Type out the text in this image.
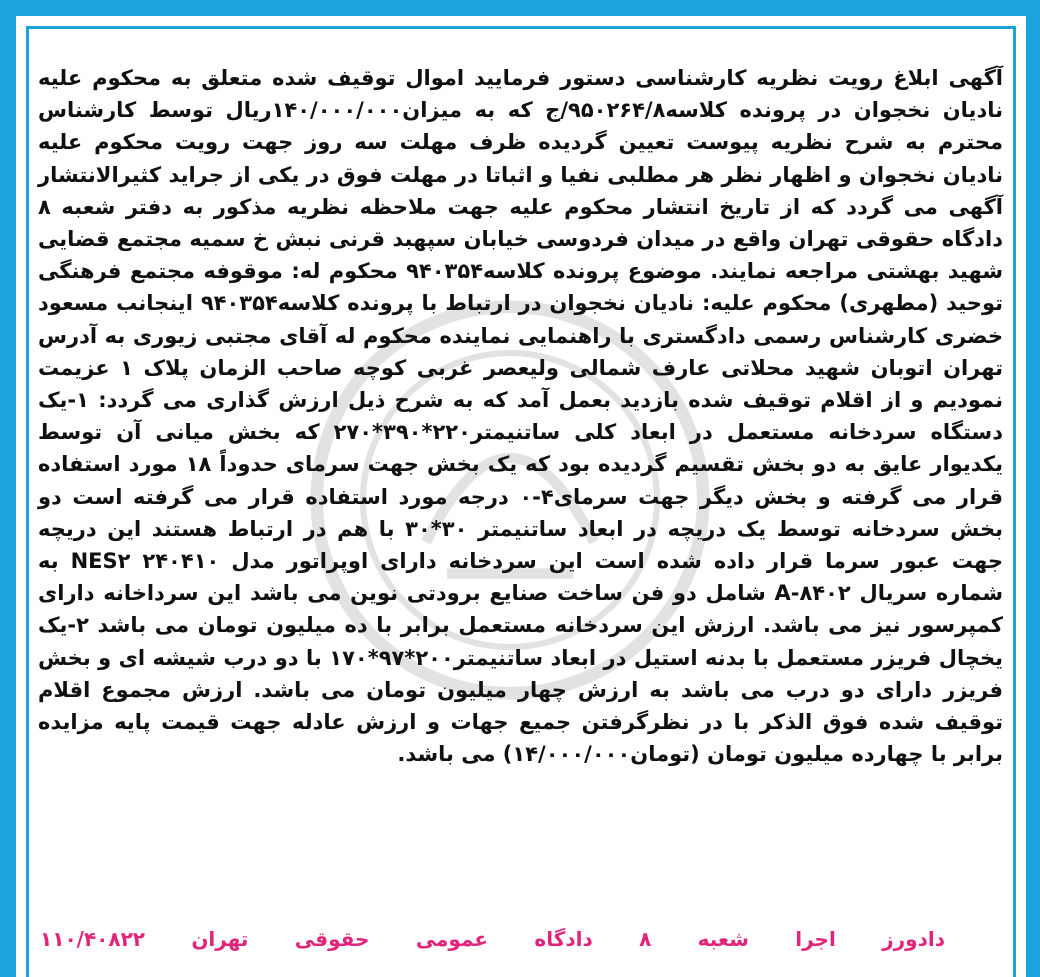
آگهی ابلاغ رویت نظریه کارشناسی دستور فرمایید اموال توقیف شده متعلق به محکوم علیه نادیان نخجوان در پرونده کلاسه۹۵۰۲۶۴/۸/ج که به میزان۱۴۰/۰۰۰/۰۰۰ریال توسط کارشناس محترم به شرح نظریه پیوست تعیین گردیده ظرف مهلت سه روز جهت رویت محکوم علیه نادیان نخجوان و اظهار نظر هر مطلبی نفیا و اثباتا در مهلت فوق در یکی از جراید کثیرالانتشار آگهی می گردد که از تاریخ انتشار محکوم علیه جهت ملاحظه نظریه مذکور به دفتر شعبه ۸ دادگاه حقوقی تهران واقع در میدان فردوسی خیابان سپهبد قرنی نبش خ سمیه مجتمع قضایی شهید بهشتی مراجعه نمایند. موضوع پرونده کلاسه۹۴۰۳۵۴ محکوم له: موقوفه مجتمع فرهنگی توحید (مطهری) محکوم علیه: نادیان نخجوان در ارتباط با پرونده کلاسه۹۴۰۳۵۴ اینجانب مسعود خضری کارشناس رسمی دادگستری با راهنمایی نماینده محکوم له آقای مجتبی زیوری به آدرس تهران اتوبان شهید محلاتی عارف شمالی ولیعصر غربی کوچه صاحب الزمان پلاک ۱ عزیمت نمودیم و از اقلام توقیف شده بازدید بعمل آمد که به شرح ذیل ارزش گذاری می گردد: ۱-یک دستگاه سردخانه مستعمل در ابعاد کلی ساتنیمتر۲۲۰*۳۹۰*۲۷۰ که بخش میانی آن توسط یکدیوار عایق به دو بخش تقسیم گردیده بود که یک بخش جهت سرمای حدوداً ۱۸ مورد استفاده قرار می گرفته و بخش دیگر جهت سرمای۴-۰ درجه مورد استفاده قرار می گرفته است دو بخش سردخانه توسط یک دریچه در ابعاد ساتنیمتر ۳۰*۳۰ با هم در ارتباط هستند این دریچه جهت عبور سرما قرار داده شده است این سردخانه دارای اوپراتور مدل NES۲ ۲۴۰۴۱۰ به شماره سریال A-۸۴۰۲ شامل دو فن ساخت صنایع برودتی نوین می باشد این سرداخانه دارای کمپرسور نیز می باشد. ارزش این سردخانه مستعمل برابر با ده میلیون تومان می باشد ۲-یک یخچال فریزر مستعمل با بدنه استیل در ابعاد ساتنیمتر۲۰۰*۹۷*۱۷۰ با دو درب شیشه ای و بخش فریزر دارای دو درب می باشد به ارزش چهار میلیون تومان می باشد. ارزش مجموع اقلام توقیف شده فوق الذکر با در نظرگرفتن جمیع جهات و ارزش عادله جهت قیمت پایه مزایده برابر با چهارده میلیون تومان (تومان۱۴/۰۰۰/۰۰۰) می باشد.

دادورز
اجرا
شعبه
۸
دادگاه
عمومی
حقوقی
تهران
۱۱۰/۴۰۸۲۲
